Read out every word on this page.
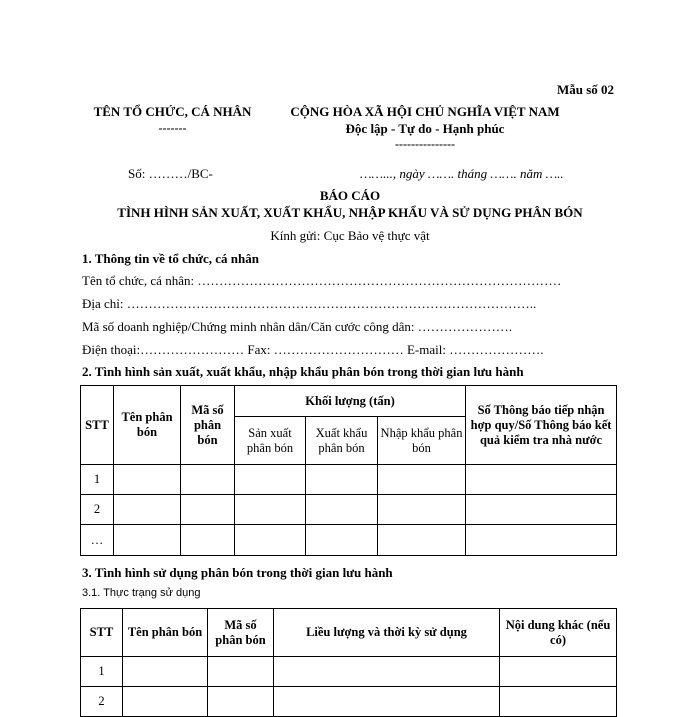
Mẫu số 02
TÊN TỔ CHỨC, CÁ NHÂN
-------
CỘNG HÒA XÃ HỘI CHỦ NGHĨA VIỆT NAM
Độc lập - Tự do - Hạnh phúc
---------------
Số: ………/BC-	……..., ngày ……. tháng ……. năm …..
BÁO CÁO
TÌNH HÌNH SẢN XUẤT, XUẤT KHẨU, NHẬP KHẨU VÀ SỬ DỤNG PHÂN BÓN
Kính gửi: Cục Bảo vệ thực vật
1. Thông tin về tổ chức, cá nhân
Tên tổ chức, cá nhân: …………………………………………………………………………
Địa chỉ: …………………………………………………………………………………..
Mã số doanh nghiệp/Chứng minh nhân dân/Căn cước công dân: ………………….
Điện thoại:…………………… Fax: ………………………… E-mail: ………………….
2. Tình hình sản xuất, xuất khẩu, nhập khẩu phân bón trong thời gian lưu hành
STT	Tên phân bón	Mã số phân bón	Khối lượng (tấn)			Số Thông báo tiếp nhận hợp quy/Số Thông báo kết quả kiểm tra nhà nước
			Sản xuất phân bón	Xuất khẩu phân bón	Nhập khẩu phân bón	
1						
2						
…						
3. Tình hình sử dụng phân bón trong thời gian lưu hành
3.1. Thực trạng sử dụng
STT	Tên phân bón	Mã số phân bón	Liều lượng và thời kỳ sử dụng	Nội dung khác (nếu có)
1				
2				
